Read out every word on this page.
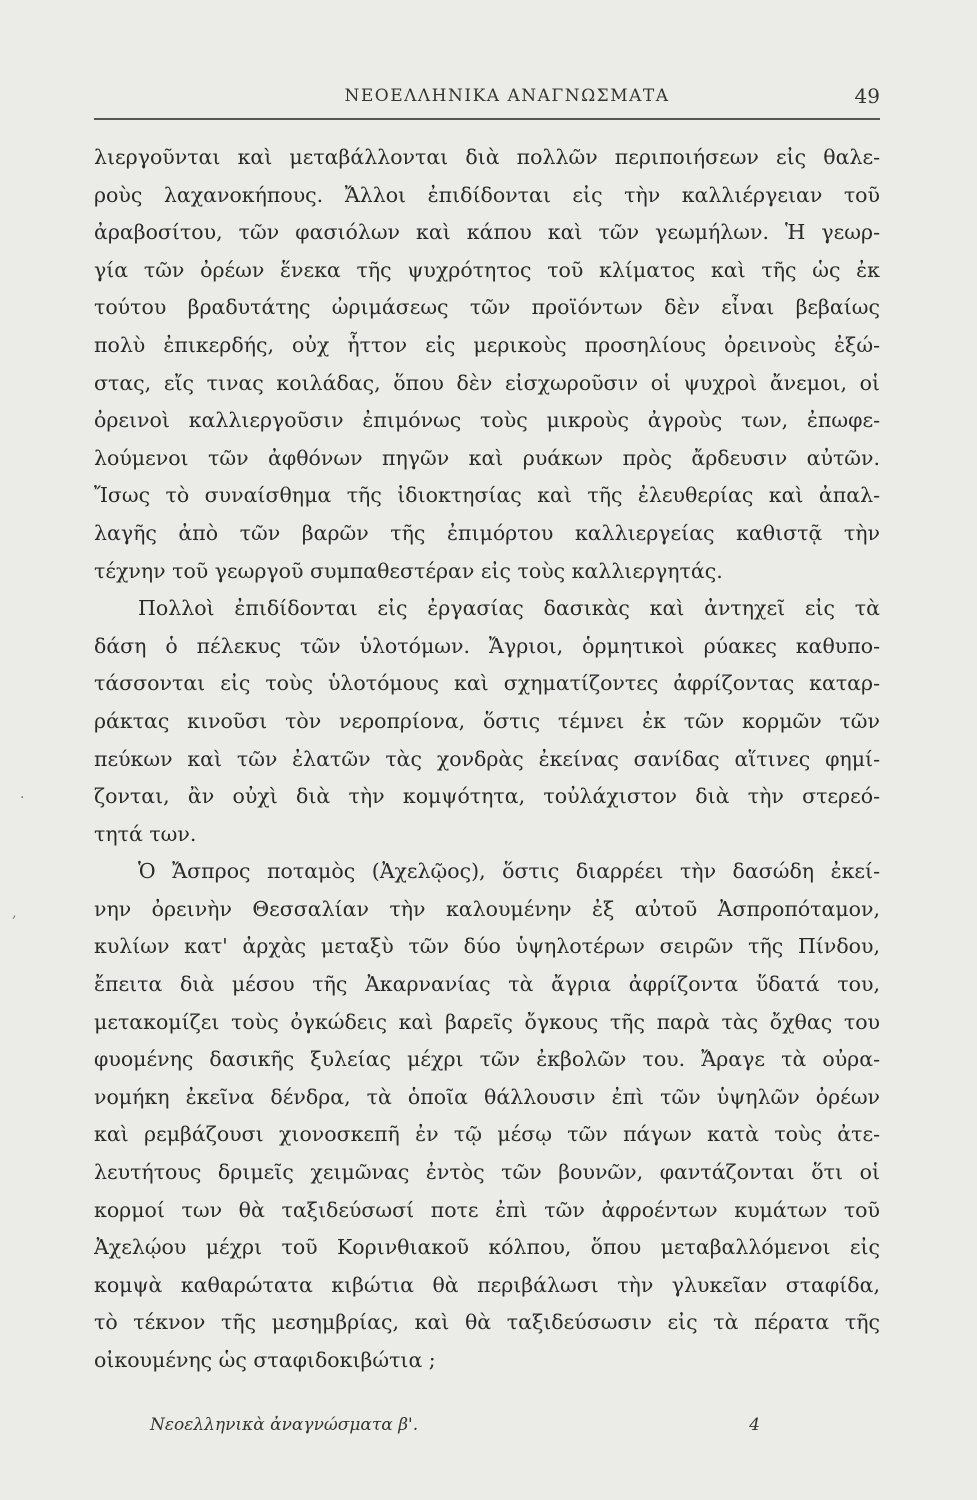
ΝΕΟΕΛΛΗΝΙΚΑ ΑΝΑΓΝΩΣΜΑΤΑ	49
λιεργοῦνται καὶ μεταβάλλονται διὰ πολλῶν περιποιήσεων εἰς θαλε-
ροὺς λαχανοκήπους. Ἄλλοι ἐπιδίδονται εἰς τὴν καλλιέργειαν τοῦ
ἀραβοσίτου, τῶν φασιόλων καὶ κάπου καὶ τῶν γεωμήλων. Ἡ γεωρ-
γία τῶν ὀρέων ἕνεκα τῆς ψυχρότητος τοῦ κλίματος καὶ τῆς ὡς ἐκ
τούτου βραδυτάτης ὠριμάσεως τῶν προϊόντων δὲν εἶναι βεβαίως
πολὺ ἐπικερδής, οὐχ ἧττον εἰς μερικοὺς προσηλίους ὀρεινοὺς ἐξώ-
στας, εἴς τινας κοιλάδας, ὅπου δὲν εἰσχωροῦσιν οἱ ψυχροὶ ἄνεμοι, οἱ
ὀρεινοὶ καλλιεργοῦσιν ἐπιμόνως τοὺς μικροὺς ἀγροὺς των, ἐπωφε-
λούμενοι τῶν ἀφθόνων πηγῶν καὶ ρυάκων πρὸς ἄρδευσιν αὐτῶν.
Ἴσως τὸ συναίσθημα τῆς ἰδιοκτησίας καὶ τῆς ἐλευθερίας καὶ ἀπαλ-
λαγῆς ἀπὸ τῶν βαρῶν τῆς ἐπιμόρτου καλλιεργείας καθιστᾷ τὴν
τέχνην τοῦ γεωργοῦ συμπαθεστέραν εἰς τοὺς καλλιεργητάς.
Πολλοὶ ἐπιδίδονται εἰς ἐργασίας δασικὰς καὶ ἀντηχεῖ εἰς τὰ
δάση ὁ πέλεκυς τῶν ὑλοτόμων. Ἄγριοι, ὁρμητικοὶ ρύακες καθυπο-
τάσσονται εἰς τοὺς ὑλοτόμους καὶ σχηματίζοντες ἀφρίζοντας καταρ-
ράκτας κινοῦσι τὸν νεροπρίονα, ὅστις τέμνει ἐκ τῶν κορμῶν τῶν
πεύκων καὶ τῶν ἐλατῶν τὰς χονδρὰς ἐκείνας σανίδας αἵτινες φημί-
ζονται, ἂν οὐχὶ διὰ τὴν κομψότητα, τοὐλάχιστον διὰ τὴν στερεό-
τητά των.
Ὁ Ἄσπρος ποταμὸς (Ἀχελῷος), ὅστις διαρρέει τὴν δασώδη ἐκεί-
νην ὀρεινὴν Θεσσαλίαν τὴν καλουμένην ἐξ αὐτοῦ Ἀσπροπόταμον,
κυλίων κατ' ἀρχὰς μεταξὺ τῶν δύο ὑψηλοτέρων σειρῶν τῆς Πίνδου,
ἔπειτα διὰ μέσου τῆς Ἀκαρνανίας τὰ ἄγρια ἀφρίζοντα ὕδατά του,
μετακομίζει τοὺς ὀγκώδεις καὶ βαρεῖς ὄγκους τῆς παρὰ τὰς ὄχθας του
φυομένης δασικῆς ξυλείας μέχρι τῶν ἐκβολῶν του. Ἄραγε τὰ οὐρα-
νομήκη ἐκεῖνα δένδρα, τὰ ὁποῖα θάλλουσιν ἐπὶ τῶν ὑψηλῶν ὀρέων
καὶ ρεμβάζουσι χιονοσκεπῆ ἐν τῷ μέσῳ τῶν πάγων κατὰ τοὺς ἀτε-
λευτήτους δριμεῖς χειμῶνας ἐντὸς τῶν βουνῶν, φαντάζονται ὅτι οἱ
κορμοί των θὰ ταξιδεύσωσί ποτε ἐπὶ τῶν ἀφροέντων κυμάτων τοῦ
Ἀχελῴου μέχρι τοῦ Κορινθιακοῦ κόλπου, ὅπου μεταβαλλόμενοι εἰς
κομψὰ καθαρώτατα κιβώτια θὰ περιβάλωσι τὴν γλυκεῖαν σταφίδα,
τὸ τέκνον τῆς μεσημβρίας, καὶ θὰ ταξιδεύσωσιν εἰς τὰ πέρατα τῆς
οἰκουμένης ὡς σταφιδοκιβώτια ;
·
‚
Νεοελληνικὰ ἀναγνώσματα β'.	4
